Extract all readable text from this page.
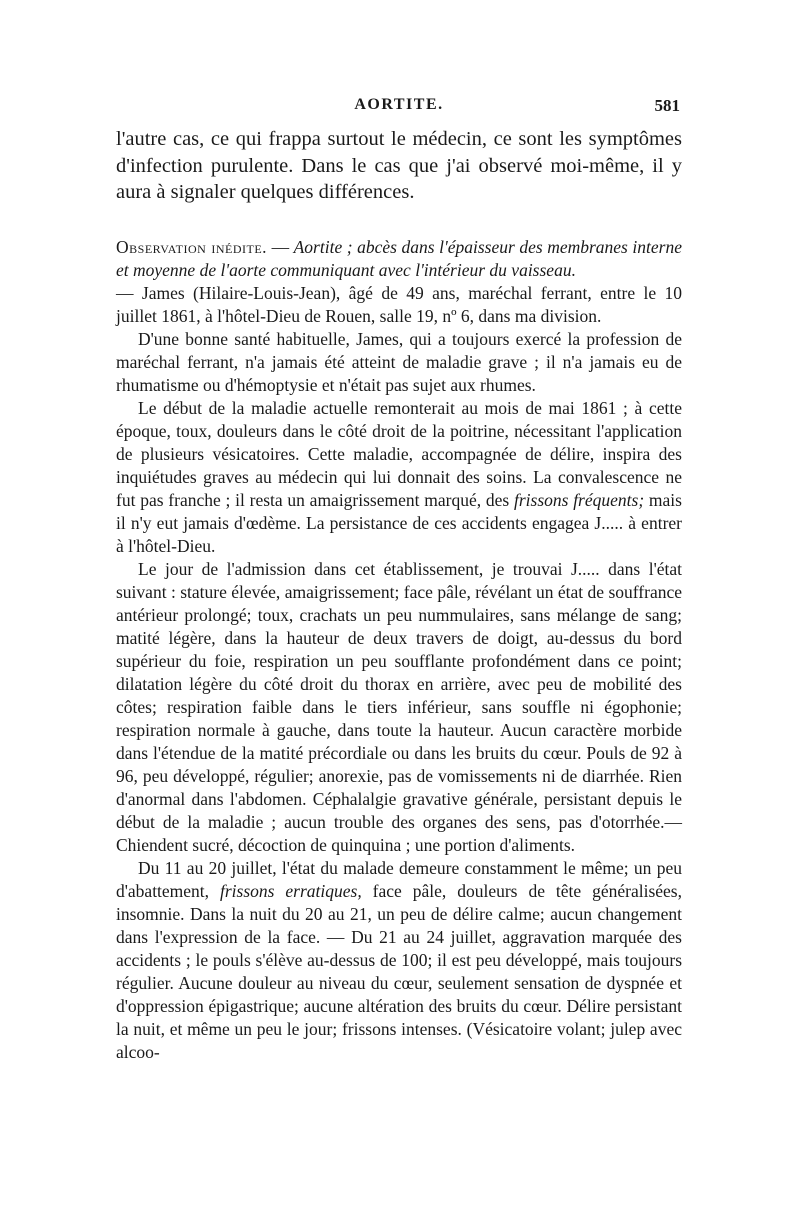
AORTITE.	581

l'autre cas, ce qui frappa surtout le médecin, ce sont les symptômes d'infection purulente. Dans le cas que j'ai observé moi-même, il y aura à signaler quelques différences.

Observation inédite. — Aortite ; abcès dans l'épaisseur des membranes interne et moyenne de l'aorte communiquant avec l'intérieur du vaisseau.

— James (Hilaire-Louis-Jean), âgé de 49 ans, maréchal ferrant, entre le 10 juillet 1861, à l'hôtel-Dieu de Rouen, salle 19, nº 6, dans ma division.

D'une bonne santé habituelle, James, qui a toujours exercé la profession de maréchal ferrant, n'a jamais été atteint de maladie grave ; il n'a jamais eu de rhumatisme ou d'hémoptysie et n'était pas sujet aux rhumes.

Le début de la maladie actuelle remonterait au mois de mai 1861 ; à cette époque, toux, douleurs dans le côté droit de la poitrine, nécessitant l'application de plusieurs vésicatoires. Cette maladie, accompagnée de délire, inspira des inquiétudes graves au médecin qui lui donnait des soins. La convalescence ne fut pas franche ; il resta un amaigrissement marqué, des frissons fréquents; mais il n'y eut jamais d'œdème. La persistance de ces accidents engagea J..... à entrer à l'hôtel-Dieu.

Le jour de l'admission dans cet établissement, je trouvai J..... dans l'état suivant : stature élevée, amaigrissement; face pâle, révélant un état de souffrance antérieur prolongé; toux, crachats un peu nummulaires, sans mélange de sang; matité légère, dans la hauteur de deux travers de doigt, au-dessus du bord supérieur du foie, respiration un peu soufflante profondément dans ce point; dilatation légère du côté droit du thorax en arrière, avec peu de mobilité des côtes; respiration faible dans le tiers inférieur, sans souffle ni égophonie; respiration normale à gauche, dans toute la hauteur. Aucun caractère morbide dans l'étendue de la matité précordiale ou dans les bruits du cœur. Pouls de 92 à 96, peu développé, régulier; anorexie, pas de vomissements ni de diarrhée. Rien d'anormal dans l'abdomen. Céphalalgie gravative générale, persistant depuis le début de la maladie ; aucun trouble des organes des sens, pas d'otorrhée.— Chiendent sucré, décoction de quinquina ; une portion d'aliments.

Du 11 au 20 juillet, l'état du malade demeure constamment le même; un peu d'abattement, frissons erratiques, face pâle, douleurs de tête généralisées, insomnie. Dans la nuit du 20 au 21, un peu de délire calme; aucun changement dans l'expression de la face. — Du 21 au 24 juillet, aggravation marquée des accidents ; le pouls s'élève au-dessus de 100; il est peu développé, mais toujours régulier. Aucune douleur au niveau du cœur, seulement sensation de dyspnée et d'oppression épigastrique; aucune altération des bruits du cœur. Délire persistant la nuit, et même un peu le jour; frissons intenses. (Vésicatoire volant; julep avec alcoo-
